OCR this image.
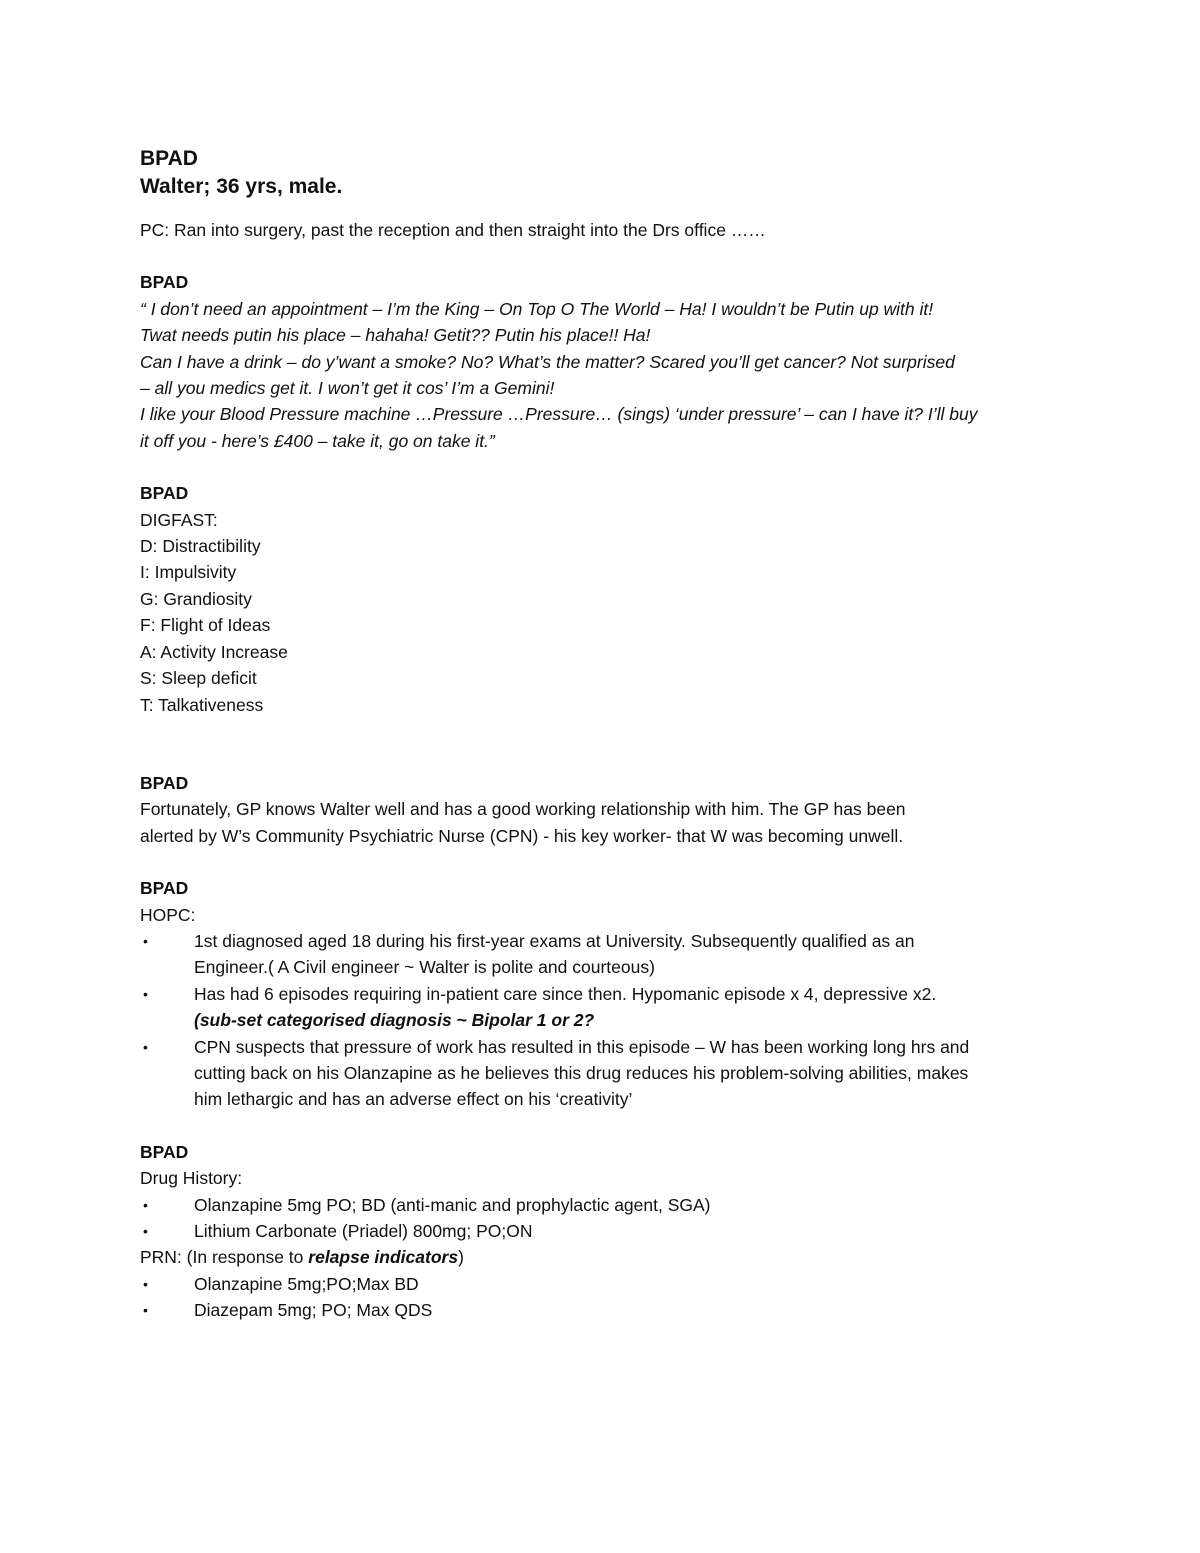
BPAD
Walter; 36 yrs, male.

PC: Ran into surgery, past the reception and then straight into the Drs office ……

BPAD
“ I don’t need an appointment – I’m the King – On Top O The World – Ha! I wouldn’t be Putin up with it!
Twat needs putin his place – hahaha! Getit?? Putin his place!! Ha!
Can I have a drink – do y’want a smoke? No? What’s the matter? Scared you’ll get cancer? Not surprised
– all you medics get it. I won’t get it cos’ I’m a Gemini!
I like your Blood Pressure machine …Pressure …Pressure… (sings) ‘under pressure’ – can I have it? I’ll buy
it off you - here’s £400 – take it, go on take it.”
BPAD
DIGFAST:
D: Distractibility
I: Impulsivity
G: Grandiosity
F: Flight of Ideas
A: Activity Increase
S: Sleep deficit
T: Talkativeness
BPAD
Fortunately, GP knows Walter well and has a good working relationship with him. The GP has been
alerted by W’s Community Psychiatric Nurse (CPN) - his key worker- that W was becoming unwell.
BPAD
HOPC:
•	1st diagnosed aged 18 during his first-year exams at University. Subsequently qualified as an
Engineer.( A Civil engineer ~ Walter is polite and courteous)
•	Has had 6 episodes requiring in-patient care since then. Hypomanic episode x 4, depressive x2.
(sub-set categorised diagnosis ~ Bipolar 1 or 2?
•	CPN suspects that pressure of work has resulted in this episode – W has been working long hrs and
cutting back on his Olanzapine as he believes this drug reduces his problem-solving abilities, makes
him lethargic and has an adverse effect on his ‘creativity’
BPAD
Drug History:
•	Olanzapine 5mg PO; BD (anti-manic and prophylactic agent, SGA)
•	Lithium Carbonate (Priadel) 800mg; PO;ON
PRN: (In response to relapse indicators)
•	Olanzapine 5mg;PO;Max BD
•	Diazepam 5mg; PO; Max QDS
